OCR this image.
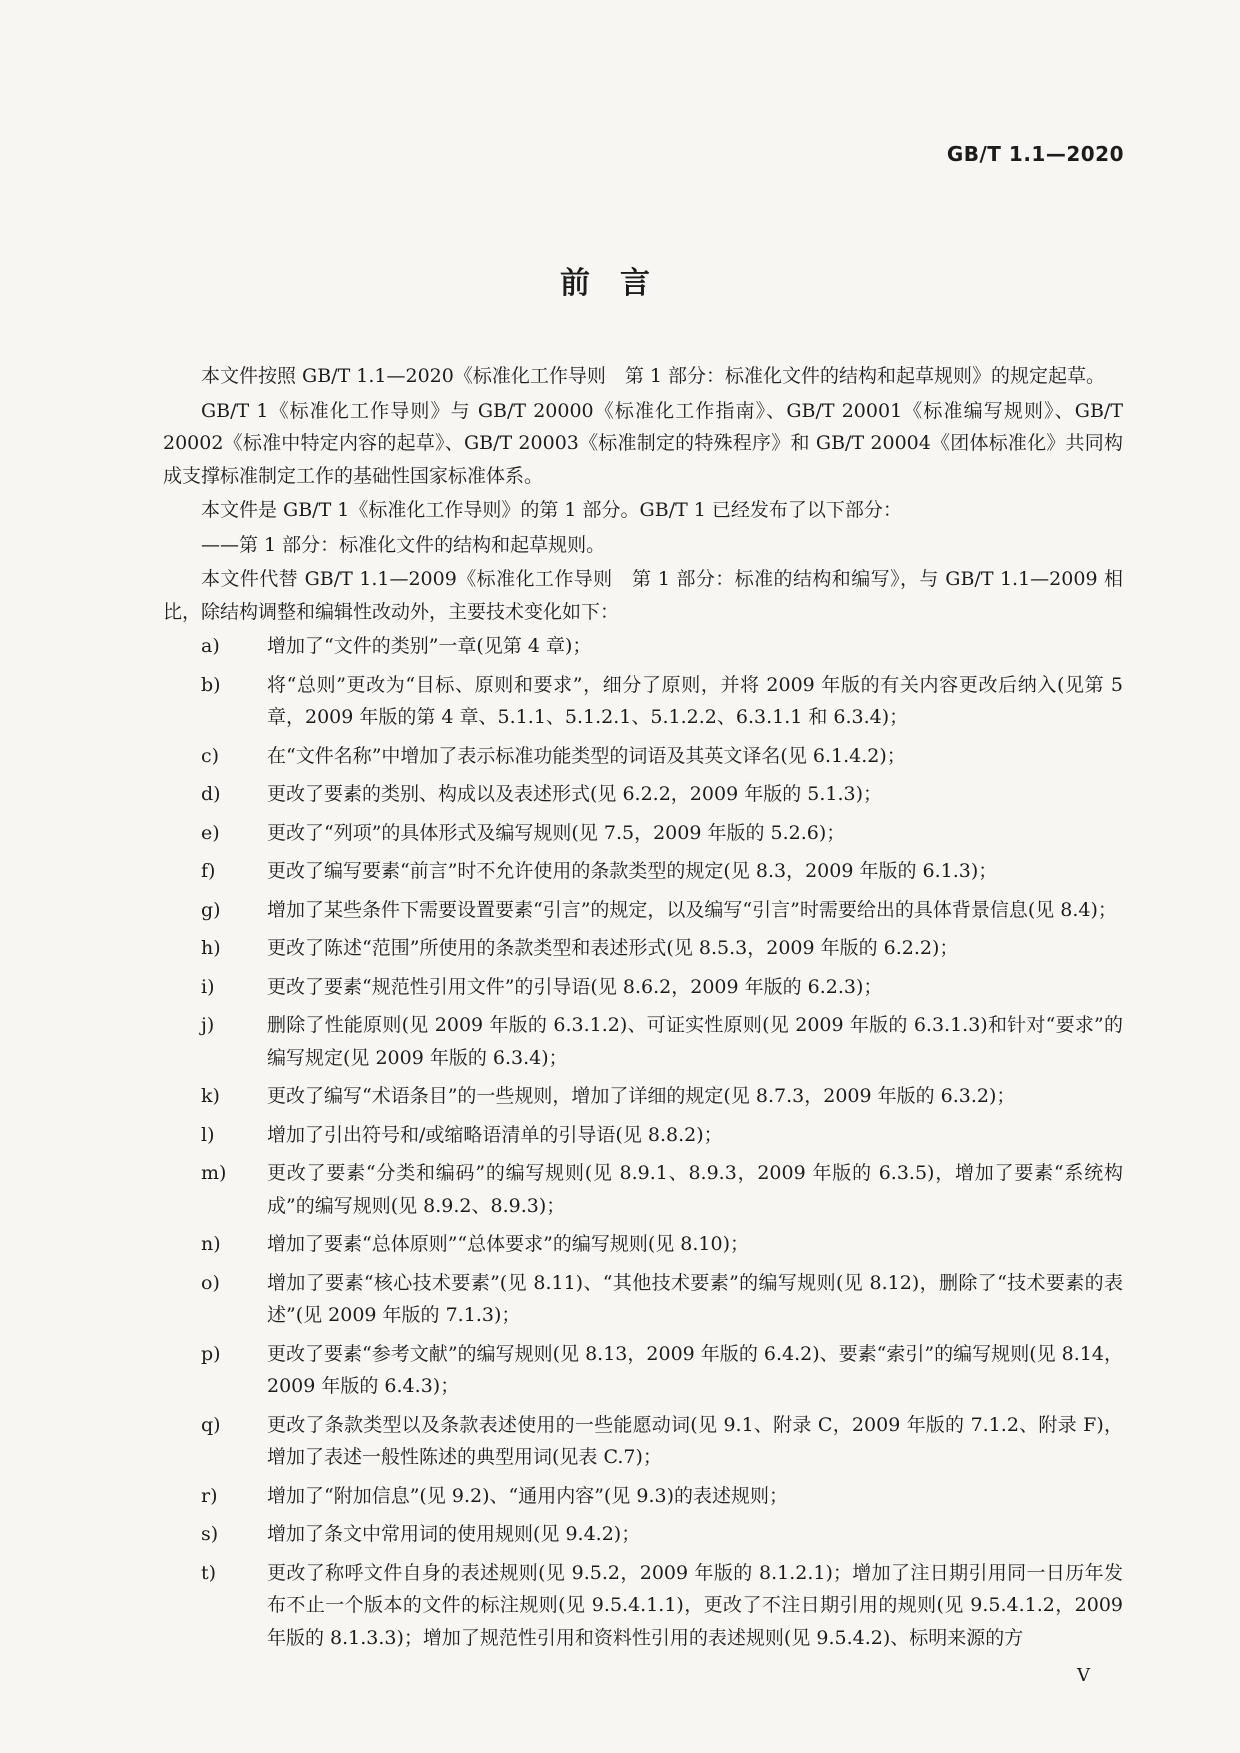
GB/T 1.1—2020
前言

本文件按照 GB/T 1.1—2020《标准化工作导则　第 1 部分：标准化文件的结构和起草规则》的规定起草。

GB/T 1《标准化工作导则》与 GB/T 20000《标准化工作指南》、GB/T 20001《标准编写规则》、GB/T 20002《标准中特定内容的起草》、GB/T 20003《标准制定的特殊程序》和 GB/T 20004《团体标准化》共同构成支撑标准制定工作的基础性国家标准体系。

本文件是 GB/T 1《标准化工作导则》的第 1 部分。GB/T 1 已经发布了以下部分：

——第 1 部分：标准化文件的结构和起草规则。

本文件代替 GB/T 1.1—2009《标准化工作导则　第 1 部分：标准的结构和编写》，与 GB/T 1.1—2009 相比，除结构调整和编辑性改动外，主要技术变化如下：

a)	增加了“文件的类别”一章(见第 4 章)；
b)	将“总则”更改为“目标、原则和要求”，细分了原则，并将 2009 年版的有关内容更改后纳入(见第 5 章，2009 年版的第 4 章、5.1.1、5.1.2.1、5.1.2.2、6.3.1.1 和 6.3.4)；
c)	在“文件名称”中增加了表示标准功能类型的词语及其英文译名(见 6.1.4.2)；
d)	更改了要素的类别、构成以及表述形式(见 6.2.2，2009 年版的 5.1.3)；
e)	更改了“列项”的具体形式及编写规则(见 7.5，2009 年版的 5.2.6)；
f)	更改了编写要素“前言”时不允许使用的条款类型的规定(见 8.3，2009 年版的 6.1.3)；
g)	增加了某些条件下需要设置要素“引言”的规定，以及编写“引言”时需要给出的具体背景信息(见 8.4)；
h)	更改了陈述“范围”所使用的条款类型和表述形式(见 8.5.3，2009 年版的 6.2.2)；
i)	更改了要素“规范性引用文件”的引导语(见 8.6.2，2009 年版的 6.2.3)；
j)	删除了性能原则(见 2009 年版的 6.3.1.2)、可证实性原则(见 2009 年版的 6.3.1.3)和针对“要求”的编写规定(见 2009 年版的 6.3.4)；
k)	更改了编写“术语条目”的一些规则，增加了详细的规定(见 8.7.3，2009 年版的 6.3.2)；
l)	增加了引出符号和/或缩略语清单的引导语(见 8.8.2)；
m)	更改了要素“分类和编码”的编写规则(见 8.9.1、8.9.3，2009 年版的 6.3.5)，增加了要素“系统构成”的编写规则(见 8.9.2、8.9.3)；
n)	增加了要素“总体原则”“总体要求”的编写规则(见 8.10)；
o)	增加了要素“核心技术要素”(见 8.11)、“其他技术要素”的编写规则(见 8.12)，删除了“技术要素的表述”(见 2009 年版的 7.1.3)；
p)	更改了要素“参考文献”的编写规则(见 8.13，2009 年版的 6.4.2)、要素“索引”的编写规则(见 8.14，2009 年版的 6.4.3)；
q)	更改了条款类型以及条款表述使用的一些能愿动词(见 9.1、附录 C，2009 年版的 7.1.2、附录 F)，增加了表述一般性陈述的典型用词(见表 C.7)；
r)	增加了“附加信息”(见 9.2)、“通用内容”(见 9.3)的表述规则；
s)	增加了条文中常用词的使用规则(见 9.4.2)；
t)	更改了称呼文件自身的表述规则(见 9.5.2，2009 年版的 8.1.2.1)；增加了注日期引用同一日历年发布不止一个版本的文件的标注规则(见 9.5.4.1.1)，更改了不注日期引用的规则(见 9.5.4.1.2，2009 年版的 8.1.3.3)；增加了规范性引用和资料性引用的表述规则(见 9.5.4.2)、标明来源的方
V
